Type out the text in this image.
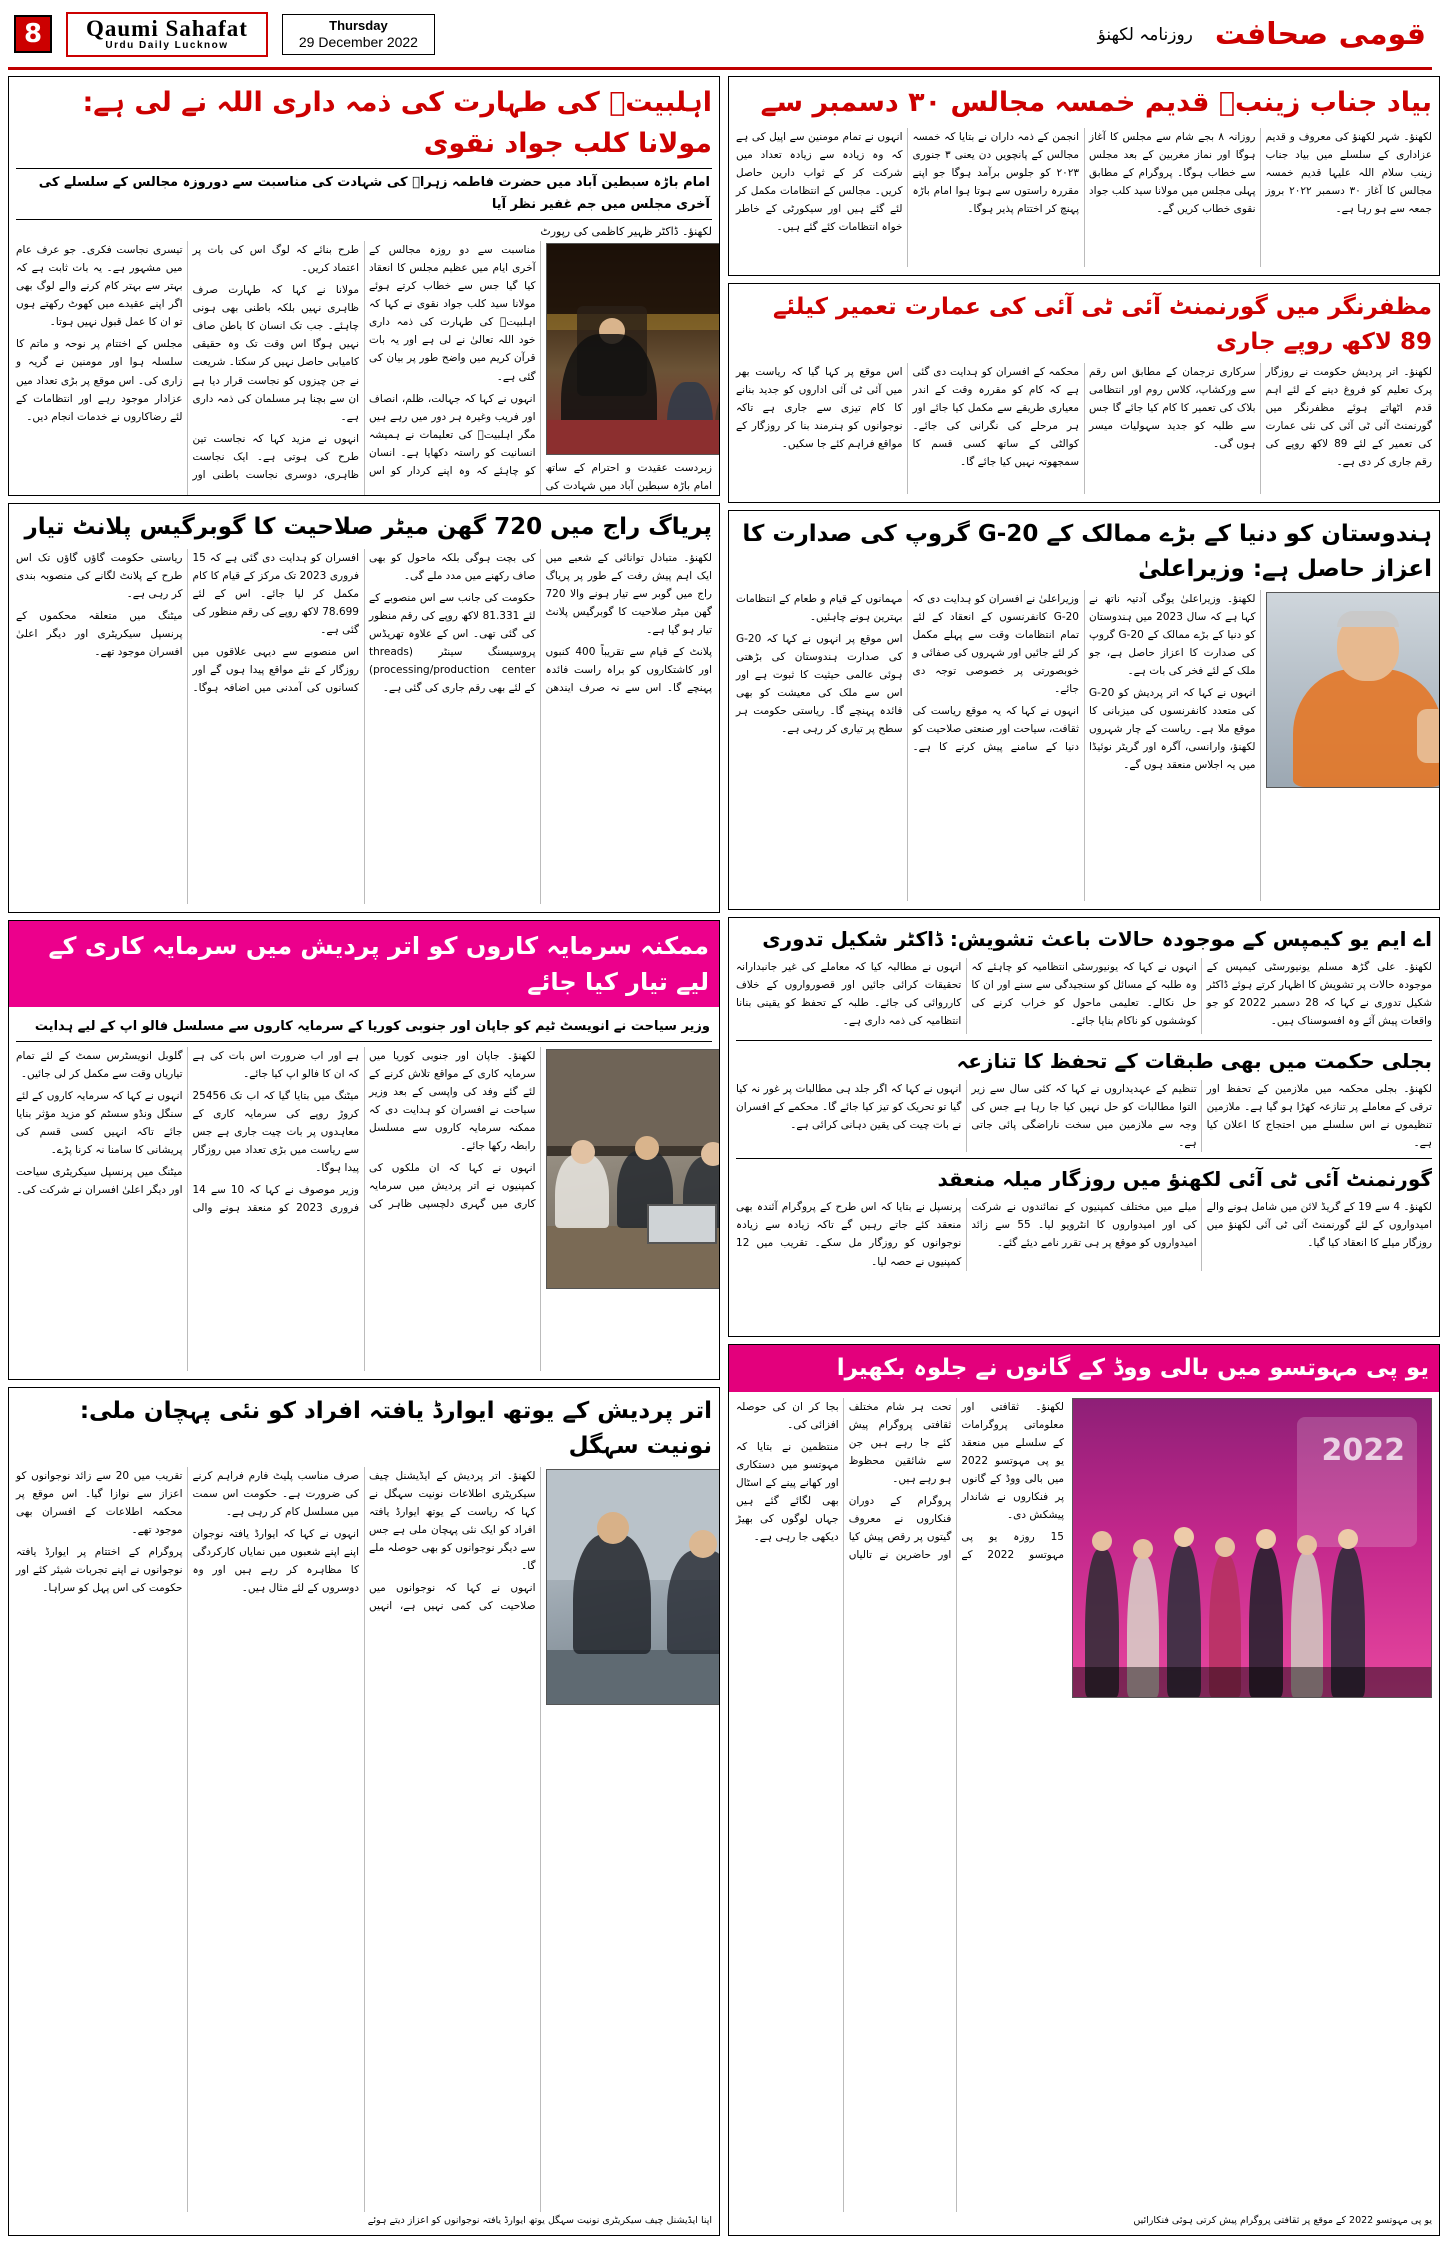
8	Qaumi Sahafat
Urdu Daily Lucknow
Thursday
29 December 2022	روزنامہ لکھنؤ قومی صحافت
اہلبیتؑ کی طہارت کی ذمہ داری اللہ نے لی ہے: مولانا کلب جواد نقوی
امام باڑہ سبطین آباد میں حضرت فاطمہ زہراؑ کی شہادت کی مناسبت سے دوروزہ مجالس کے سلسلے کی آخری مجلس میں جم غفیر نظر آیا
لکھنؤ۔ ڈاکٹر ظہیر کاظمی کی رپورٹ

زبردست عقیدت و احترام کے ساتھ امام باڑہ سبطین آباد میں شہادت کی مناسبت سے دو روزہ مجالس کے آخری ایام میں عظیم مجلس کا انعقاد کیا گیا جس سے خطاب کرتے ہوئے مولانا سید کلب جواد نقوی نے کہا کہ اہلبیتؑ کی طہارت کی ذمہ داری خود اللہ تعالیٰ نے لی ہے اور یہ بات قرآن کریم میں واضح طور پر بیان کی گئی ہے۔

انہوں نے کہا کہ جہالت، ظلم، انصاف اور فریب وغیرہ ہر دور میں رہے ہیں مگر اہلبیتؑ کی تعلیمات نے ہمیشہ انسانیت کو راستہ دکھایا ہے۔ انسان کو چاہئے کہ وہ اپنے کردار کو اس طرح بنائے کہ لوگ اس کی بات پر اعتماد کریں۔

مولانا نے کہا کہ طہارت صرف ظاہری نہیں بلکہ باطنی بھی ہونی چاہئے۔ جب تک انسان کا باطن صاف نہیں ہوگا اس وقت تک وہ حقیقی کامیابی حاصل نہیں کر سکتا۔ شریعت نے جن چیزوں کو نجاست قرار دیا ہے ان سے بچنا ہر مسلمان کی ذمہ داری ہے۔

انہوں نے مزید کہا کہ نجاست تین طرح کی ہوتی ہے۔ ایک نجاست ظاہری، دوسری نجاست باطنی اور تیسری نجاست فکری۔ جو عرف عام میں مشہور ہے۔ یہ بات ثابت ہے کہ بہتر سے بہتر کام کرنے والے لوگ بھی اگر اپنے عقیدے میں کھوٹ رکھتے ہوں تو ان کا عمل قبول نہیں ہوتا۔

مجلس کے اختتام پر نوحہ و ماتم کا سلسلہ ہوا اور مومنین نے گریہ و زاری کی۔ اس موقع پر بڑی تعداد میں عزادار موجود رہے اور انتظامات کے لئے رضاکاروں نے خدمات انجام دیں۔

پریاگ راج میں 720 گھن میٹر صلاحیت کا گوبرگیس پلانٹ تیار

لکھنؤ۔ متبادل توانائی کے شعبے میں ایک اہم پیش رفت کے طور پر پریاگ راج میں گوبر سے تیار ہونے والا 720 گھن میٹر صلاحیت کا گوبرگیس پلانٹ تیار ہو گیا ہے۔

پلانٹ کے قیام سے تقریباً 400 کنبوں اور کاشتکاروں کو براہ راست فائدہ پہنچے گا۔ اس سے نہ صرف ایندھن کی بچت ہوگی بلکہ ماحول کو بھی صاف رکھنے میں مدد ملے گی۔

حکومت کی جانب سے اس منصوبے کے لئے 81.331 لاکھ روپے کی رقم منظور کی گئی تھی۔ اس کے علاوہ تھریڈس پروسیسنگ سینٹر (threads processing/production center) کے لئے بھی رقم جاری کی گئی ہے۔

افسران کو ہدایت دی گئی ہے کہ 15 فروری 2023 تک مرکز کے قیام کا کام مکمل کر لیا جائے۔ اس کے لئے 78.699 لاکھ روپے کی رقم منظور کی گئی ہے۔

اس منصوبے سے دیہی علاقوں میں روزگار کے نئے مواقع پیدا ہوں گے اور کسانوں کی آمدنی میں اضافہ ہوگا۔ ریاستی حکومت گاؤں گاؤں تک اس طرح کے پلانٹ لگانے کی منصوبہ بندی کر رہی ہے۔

میٹنگ میں متعلقہ محکموں کے پرنسپل سیکریٹری اور دیگر اعلیٰ افسران موجود تھے۔

ممکنہ سرمایہ کاروں کو اتر پردیش میں سرمایہ کاری کے لیے تیار کیا جائے
وزیر سیاحت نے انویسٹ ٹیم کو جاپان اور جنوبی کوریا کے سرمایہ کاروں سے مسلسل فالو اپ کے لیے ہدایت

لکھنؤ۔ جاپان اور جنوبی کوریا میں سرمایہ کاری کے مواقع تلاش کرنے کے لئے گئے وفد کی واپسی کے بعد وزیر سیاحت نے افسران کو ہدایت دی کہ ممکنہ سرمایہ کاروں سے مسلسل رابطہ رکھا جائے۔

انہوں نے کہا کہ ان ملکوں کی کمپنیوں نے اتر پردیش میں سرمایہ کاری میں گہری دلچسپی ظاہر کی ہے اور اب ضرورت اس بات کی ہے کہ ان کا فالو اپ کیا جائے۔

میٹنگ میں بتایا گیا کہ اب تک 25456 کروڑ روپے کی سرمایہ کاری کے معاہدوں پر بات چیت جاری ہے جس سے ریاست میں بڑی تعداد میں روزگار پیدا ہوگا۔

وزیر موصوف نے کہا کہ 10 سے 14 فروری 2023 کو منعقد ہونے والی گلوبل انویسٹرس سمٹ کے لئے تمام تیاریاں وقت سے مکمل کر لی جائیں۔

انہوں نے کہا کہ سرمایہ کاروں کے لئے سنگل ونڈو سسٹم کو مزید مؤثر بنایا جائے تاکہ انہیں کسی قسم کی پریشانی کا سامنا نہ کرنا پڑے۔

میٹنگ میں پرنسپل سیکریٹری سیاحت اور دیگر اعلیٰ افسران نے شرکت کی۔

اتر پردیش کے یوتھ ایوارڈ یافتہ افراد کو نئی پہچان ملی: نونیت سہگل

لکھنؤ۔ اتر پردیش کے ایڈیشنل چیف سیکریٹری اطلاعات نونیت سہگل نے کہا کہ ریاست کے یوتھ ایوارڈ یافتہ افراد کو ایک نئی پہچان ملی ہے جس سے دیگر نوجوانوں کو بھی حوصلہ ملے گا۔

انہوں نے کہا کہ نوجوانوں میں صلاحیت کی کمی نہیں ہے، انہیں صرف مناسب پلیٹ فارم فراہم کرنے کی ضرورت ہے۔ حکومت اس سمت میں مسلسل کام کر رہی ہے۔

انہوں نے کہا کہ ایوارڈ یافتہ نوجوان اپنے اپنے شعبوں میں نمایاں کارکردگی کا مظاہرہ کر رہے ہیں اور وہ دوسروں کے لئے مثال ہیں۔

تقریب میں 20 سے زائد نوجوانوں کو اعزاز سے نوازا گیا۔ اس موقع پر محکمہ اطلاعات کے افسران بھی موجود تھے۔

پروگرام کے اختتام پر ایوارڈ یافتہ نوجوانوں نے اپنے تجربات شیئر کئے اور حکومت کی اس پہل کو سراہا۔

اپنا ایڈیشنل چیف سیکریٹری نونیت سہگل یوتھ ایوارڈ یافتہ نوجوانوں کو اعزاز دیتے ہوئے
بیاد جناب زینبؑ قدیم خمسہ مجالس ۳۰ دسمبر سے

لکھنؤ۔ شہر لکھنؤ کی معروف و قدیم عزاداری کے سلسلے میں بیاد جناب زینب سلام اللہ علیہا قدیم خمسہ مجالس کا آغاز ۳۰ دسمبر ۲۰۲۲ بروز جمعہ سے ہو رہا ہے۔

روزانہ ۸ بجے شام سے مجلس کا آغاز ہوگا اور نماز مغربین کے بعد مجلس سے خطاب ہوگا۔ پروگرام کے مطابق پہلی مجلس میں مولانا سید کلب جواد نقوی خطاب کریں گے۔

انجمن کے ذمہ داران نے بتایا کہ خمسہ مجالس کے پانچویں دن یعنی ۳ جنوری ۲۰۲۳ کو جلوس برآمد ہوگا جو اپنے مقررہ راستوں سے ہوتا ہوا امام باڑہ پہنچ کر اختتام پذیر ہوگا۔

انہوں نے تمام مومنین سے اپیل کی ہے کہ وہ زیادہ سے زیادہ تعداد میں شرکت کر کے ثواب دارین حاصل کریں۔ مجالس کے انتظامات مکمل کر لئے گئے ہیں اور سیکورٹی کے خاطر خواہ انتظامات کئے گئے ہیں۔

مظفرنگر میں گورنمنٹ آئی ٹی آئی کی عمارت تعمیر کیلئے 89 لاکھ روپے جاری

لکھنؤ۔ اتر پردیش حکومت نے روزگار پرک تعلیم کو فروغ دینے کے لئے اہم قدم اٹھاتے ہوئے مظفرنگر میں گورنمنٹ آئی ٹی آئی کی نئی عمارت کی تعمیر کے لئے 89 لاکھ روپے کی رقم جاری کر دی ہے۔

سرکاری ترجمان کے مطابق اس رقم سے ورکشاپ، کلاس روم اور انتظامی بلاک کی تعمیر کا کام کیا جائے گا جس سے طلبہ کو جدید سہولیات میسر ہوں گی۔

محکمہ کے افسران کو ہدایت دی گئی ہے کہ کام کو مقررہ وقت کے اندر معیاری طریقے سے مکمل کیا جائے اور ہر مرحلے کی نگرانی کی جائے۔ کوالٹی کے ساتھ کسی قسم کا سمجھوتہ نہیں کیا جائے گا۔

اس موقع پر کہا گیا کہ ریاست بھر میں آئی ٹی آئی اداروں کو جدید بنانے کا کام تیزی سے جاری ہے تاکہ نوجوانوں کو ہنرمند بنا کر روزگار کے مواقع فراہم کئے جا سکیں۔

ہندوستان کو دنیا کے بڑے ممالک کے G-20 گروپ کی صدارت کا اعزاز حاصل ہے: وزیراعلیٰ

لکھنؤ۔ وزیراعلیٰ یوگی آدتیہ ناتھ نے کہا ہے کہ سال 2023 میں ہندوستان کو دنیا کے بڑے ممالک کے G-20 گروپ کی صدارت کا اعزاز حاصل ہے، جو ملک کے لئے فخر کی بات ہے۔

انہوں نے کہا کہ اتر پردیش کو G-20 کی متعدد کانفرنسوں کی میزبانی کا موقع ملا ہے۔ ریاست کے چار شہروں لکھنؤ، وارانسی، آگرہ اور گریٹر نوئیڈا میں یہ اجلاس منعقد ہوں گے۔

وزیراعلیٰ نے افسران کو ہدایت دی کہ G-20 کانفرنسوں کے انعقاد کے لئے تمام انتظامات وقت سے پہلے مکمل کر لئے جائیں اور شہروں کی صفائی و خوبصورتی پر خصوصی توجہ دی جائے۔

انہوں نے کہا کہ یہ موقع ریاست کی ثقافت، سیاحت اور صنعتی صلاحیت کو دنیا کے سامنے پیش کرنے کا ہے۔ مہمانوں کے قیام و طعام کے انتظامات بہترین ہونے چاہئیں۔

اس موقع پر انہوں نے کہا کہ G-20 کی صدارت ہندوستان کی بڑھتی ہوئی عالمی حیثیت کا ثبوت ہے اور اس سے ملک کی معیشت کو بھی فائدہ پہنچے گا۔ ریاستی حکومت ہر سطح پر تیاری کر رہی ہے۔

اے ایم یو کیمپس کے موجودہ حالات باعث تشویش: ڈاکٹر شکیل تدوری

لکھنؤ۔ علی گڑھ مسلم یونیورسٹی کیمپس کے موجودہ حالات پر تشویش کا اظہار کرتے ہوئے ڈاکٹر شکیل تدوری نے کہا کہ 28 دسمبر 2022 کو جو واقعات پیش آئے وہ افسوسناک ہیں۔

انہوں نے کہا کہ یونیورسٹی انتظامیہ کو چاہئے کہ وہ طلبہ کے مسائل کو سنجیدگی سے سنے اور ان کا حل نکالے۔ تعلیمی ماحول کو خراب کرنے کی کوششوں کو ناکام بنایا جائے۔

انہوں نے مطالبہ کیا کہ معاملے کی غیر جانبدارانہ تحقیقات کرائی جائیں اور قصورواروں کے خلاف کارروائی کی جائے۔ طلبہ کے تحفظ کو یقینی بنانا انتظامیہ کی ذمہ داری ہے۔

بجلی حکمت میں بھی طبقات کے تحفظ کا تنازعہ

لکھنؤ۔ بجلی محکمہ میں ملازمین کے تحفظ اور ترقی کے معاملے پر تنازعہ کھڑا ہو گیا ہے۔ ملازمین تنظیموں نے اس سلسلے میں احتجاج کا اعلان کیا ہے۔

تنظیم کے عہدیداروں نے کہا کہ کئی سال سے زیر التوا مطالبات کو حل نہیں کیا جا رہا ہے جس کی وجہ سے ملازمین میں سخت ناراضگی پائی جاتی ہے۔

انہوں نے کہا کہ اگر جلد ہی مطالبات پر غور نہ کیا گیا تو تحریک کو تیز کیا جائے گا۔ محکمے کے افسران نے بات چیت کی یقین دہانی کرائی ہے۔

گورنمنٹ آئی ٹی آئی لکھنؤ میں روزگار میلہ منعقد

لکھنؤ۔ 4 سے 19 کے گریڈ لائن میں شامل ہونے والے امیدواروں کے لئے گورنمنٹ آئی ٹی آئی لکھنؤ میں روزگار میلے کا انعقاد کیا گیا۔

میلے میں مختلف کمپنیوں کے نمائندوں نے شرکت کی اور امیدواروں کا انٹرویو لیا۔ 55 سے زائد امیدواروں کو موقع پر ہی تقرر نامے دیئے گئے۔

پرنسپل نے بتایا کہ اس طرح کے پروگرام آئندہ بھی منعقد کئے جاتے رہیں گے تاکہ زیادہ سے زیادہ نوجوانوں کو روزگار مل سکے۔ تقریب میں 12 کمپنیوں نے حصہ لیا۔

یو پی مہوتسو میں بالی ووڈ کے گانوں نے جلوہ بکھیرا

لکھنؤ۔ ثقافتی اور معلوماتی پروگرامات کے سلسلے میں منعقد یو پی مہوتسو 2022 میں بالی ووڈ کے گانوں پر فنکاروں نے شاندار پیشکش دی۔

15 روزہ یو پی مہوتسو 2022 کے تحت ہر شام مختلف ثقافتی پروگرام پیش کئے جا رہے ہیں جن سے شائقین محظوظ ہو رہے ہیں۔

پروگرام کے دوران فنکاروں نے معروف گیتوں پر رقص پیش کیا اور حاضرین نے تالیاں بجا کر ان کی حوصلہ افزائی کی۔

منتظمین نے بتایا کہ مہوتسو میں دستکاری اور کھانے پینے کے اسٹال بھی لگائے گئے ہیں جہاں لوگوں کی بھیڑ دیکھی جا رہی ہے۔

2022
یو پی مہوتسو 2022 کے موقع پر ثقافتی پروگرام پیش کرتی ہوئی فنکارائیں
